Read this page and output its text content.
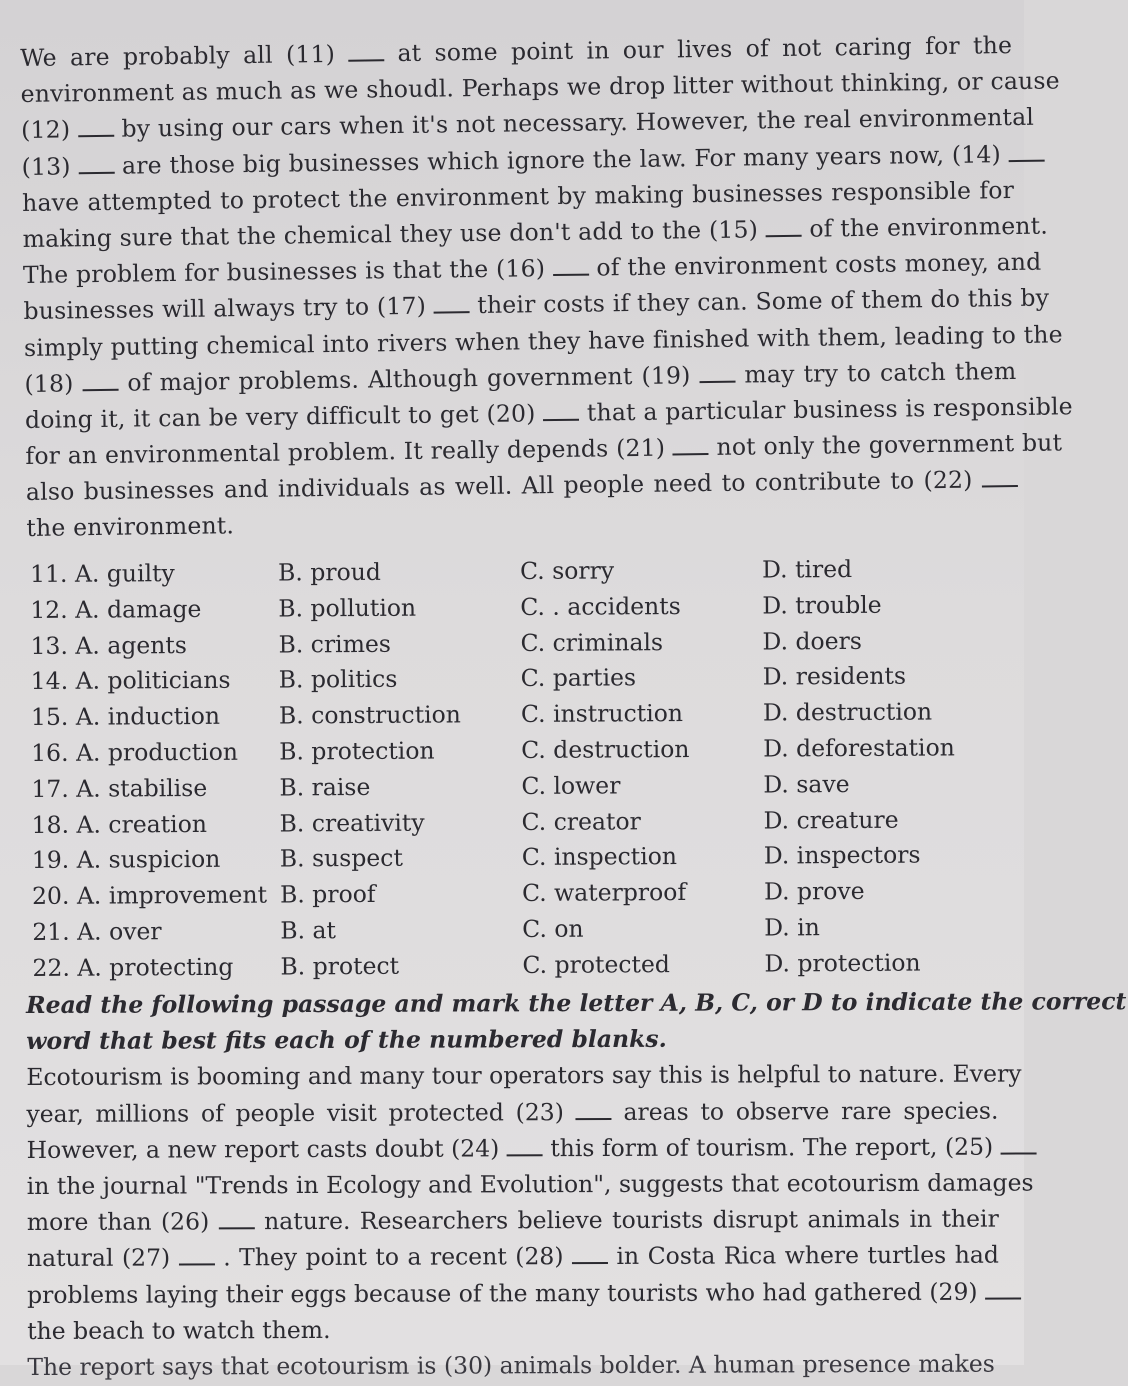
We are probably all (11)	at some point in our lives of not caring for the
environment as much as we shoudl. Perhaps we drop litter without thinking, or cause
(12) by using our cars when it's not necessary. However, the real environmental
(13) are those big businesses which ignore the law. For many years now, (14)
have attempted to protect the environment by making businesses responsible for
making sure that the chemical they use don't add to the (15) of the environment.
The problem for businesses is that the (16) of the environment costs money, and
businesses will always try to (17) their costs if they can. Some of them do this by
simply putting chemical into rivers when they have finished with them, leading to the
(18) of major problems. Although government (19) may try to catch them
doing it, it can be very difficult to get (20) that a particular business is responsible
for an environmental problem. It really depends (21) not only the government but
also businesses and individuals as well. All people need to contribute to (22)
the environment.
11. A. guilty	B. proud	C. sorry	D. tired
12. A. damage	B. pollution	C. . accidents	D. trouble
13. A. agents	B. crimes	C. criminals	D. doers
14. A. politicians B. politics	C. parties	D. residents
15. A. induction	B. construction	C. instruction	D. destruction
16. A. production B. protection	C. destruction	D. deforestation
17. A. stabilise	B. raise	C. lower	D. save
18. A. creation	B. creativity	C. creator	D. creature
19. A. suspicion	B. suspect	C. inspection	D. inspectors
20. A. improvement B. proof	C. waterproof	D. prove
21. A. over	B. at	C. on	D. in
22. A. protecting B. protect	C. protected	D. protection
Read the following passage and mark the letter A, B, C, or D to indicate the correct
word that best fits each of the numbered blanks.
Ecotourism is booming and many tour operators say this is helpful to nature. Every
year, millions of people visit protected (23)	areas to observe rare species.
However, a new report casts doubt (24) this form of tourism. The report, (25)
in the journal "Trends in Ecology and Evolution", suggests that ecotourism damages
more than (26) nature. Researchers believe tourists disrupt animals in their
natural (27) . They point to a recent (28) in Costa Rica where turtles had
problems laying their eggs because of the many tourists who had gathered (29)
the beach to watch them.
The report says that ecotourism is (30) animals bolder. A human presence makes
